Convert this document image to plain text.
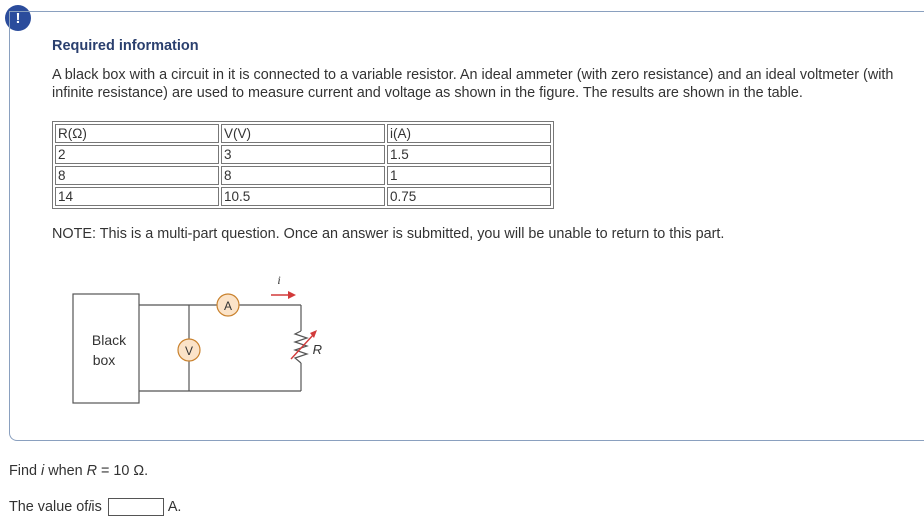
!
Required information
A black box with a circuit in it is connected to a variable resistor. An ideal ammeter (with zero resistance) and an ideal voltmeter (with infinite resistance) are used to measure current and voltage as shown in the figure. The results are shown in the table.
R(Ω)	V(V)	i(A)
2	3	1.5
8	8	1
14	10.5	0.75
NOTE: This is a multi-part question. Once an answer is submitted, you will be unable to return to this part.
Black
box
V
A
i
R
Find i when R = 10 Ω.
The value of i is	A.
